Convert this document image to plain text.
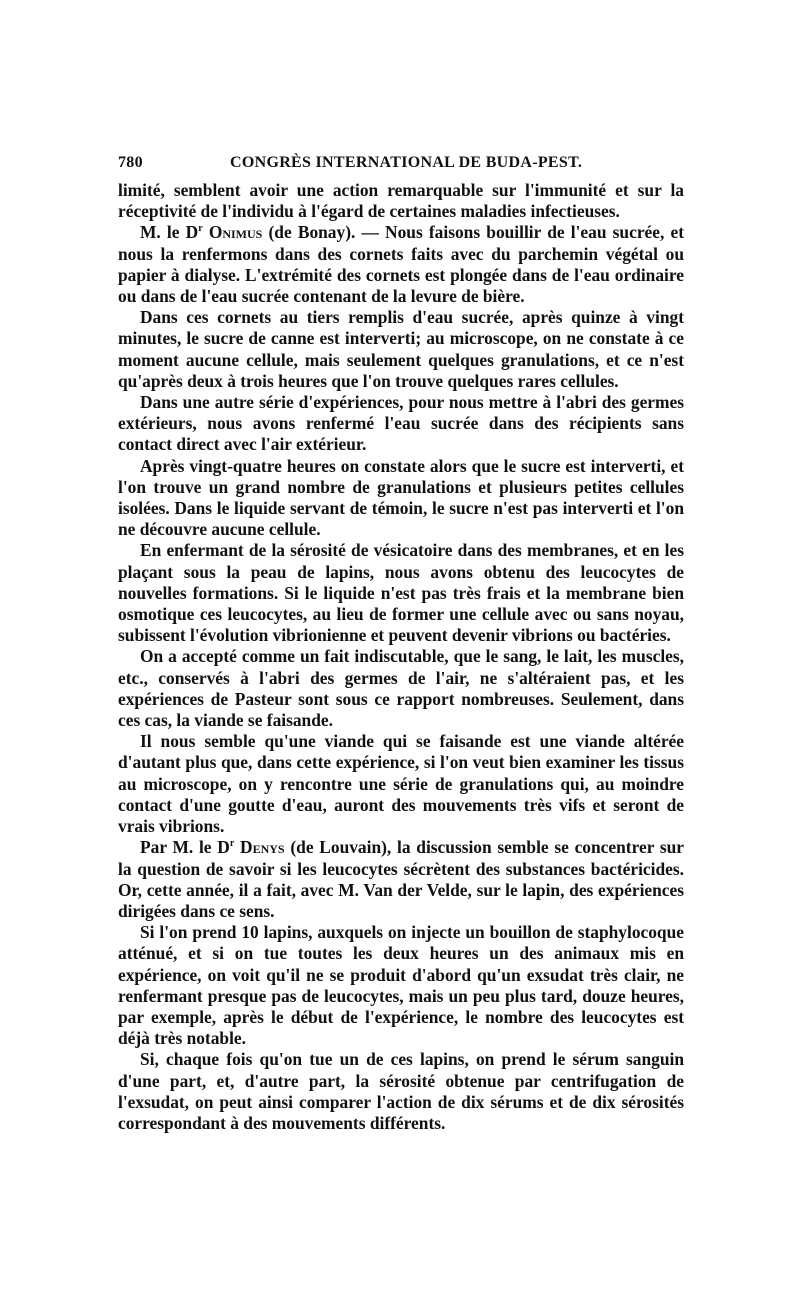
780	CONGRÈS INTERNATIONAL DE BUDA-PEST.

limité, semblent avoir une action remarquable sur l'immunité et sur la réceptivité de l'individu à l'égard de certaines maladies infectieuses.

M. le $D^r$ Onimus (de Bonay). — Nous faisons bouillir de l'eau sucrée, et nous la renfermons dans des cornets faits avec du parchemin végétal ou papier à dialyse. L'extrémité des cornets est plongée dans de l'eau ordinaire ou dans de l'eau sucrée contenant de la levure de bière.

Dans ces cornets au tiers remplis d'eau sucrée, après quinze à vingt minutes, le sucre de canne est interverti; au microscope, on ne constate à ce moment aucune cellule, mais seulement quelques granulations, et ce n'est qu'après deux à trois heures que l'on trouve quelques rares cellules.

Dans une autre série d'expériences, pour nous mettre à l'abri des germes extérieurs, nous avons renfermé l'eau sucrée dans des récipients sans contact direct avec l'air extérieur.

Après vingt-quatre heures on constate alors que le sucre est interverti, et l'on trouve un grand nombre de granulations et plusieurs petites cellules isolées. Dans le liquide servant de témoin, le sucre n'est pas interverti et l'on ne découvre aucune cellule.

En enfermant de la sérosité de vésicatoire dans des membranes, et en les plaçant sous la peau de lapins, nous avons obtenu des leucocytes de nouvelles formations. Si le liquide n'est pas très frais et la membrane bien osmotique ces leucocytes, au lieu de former une cellule avec ou sans noyau, subissent l'évolution vibrionienne et peuvent devenir vibrions ou bactéries.

On a accepté comme un fait indiscutable, que le sang, le lait, les muscles, etc., conservés à l'abri des germes de l'air, ne s'altéraient pas, et les expériences de Pasteur sont sous ce rapport nombreuses. Seulement, dans ces cas, la viande se faisande.

Il nous semble qu'une viande qui se faisande est une viande altérée d'autant plus que, dans cette expérience, si l'on veut bien examiner les tissus au microscope, on y rencontre une série de granulations qui, au moindre contact d'une goutte d'eau, auront des mouvements très vifs et seront de vrais vibrions.

Par M. le $D^r$ Denys (de Louvain), la discussion semble se concentrer sur la question de savoir si les leucocytes sécrètent des substances bactéricides. Or, cette année, il a fait, avec M. Van der Velde, sur le lapin, des expériences dirigées dans ce sens.

Si l'on prend 10 lapins, auxquels on injecte un bouillon de staphylocoque atténué, et si on tue toutes les deux heures un des animaux mis en expérience, on voit qu'il ne se produit d'abord qu'un exsudat très clair, ne renfermant presque pas de leucocytes, mais un peu plus tard, douze heures, par exemple, après le début de l'expérience, le nombre des leucocytes est déjà très notable.

Si, chaque fois qu'on tue un de ces lapins, on prend le sérum sanguin d'une part, et, d'autre part, la sérosité obtenue par centrifugation de l'exsudat, on peut ainsi comparer l'action de dix sérums et de dix sérosités correspondant à des mouvements différents.
